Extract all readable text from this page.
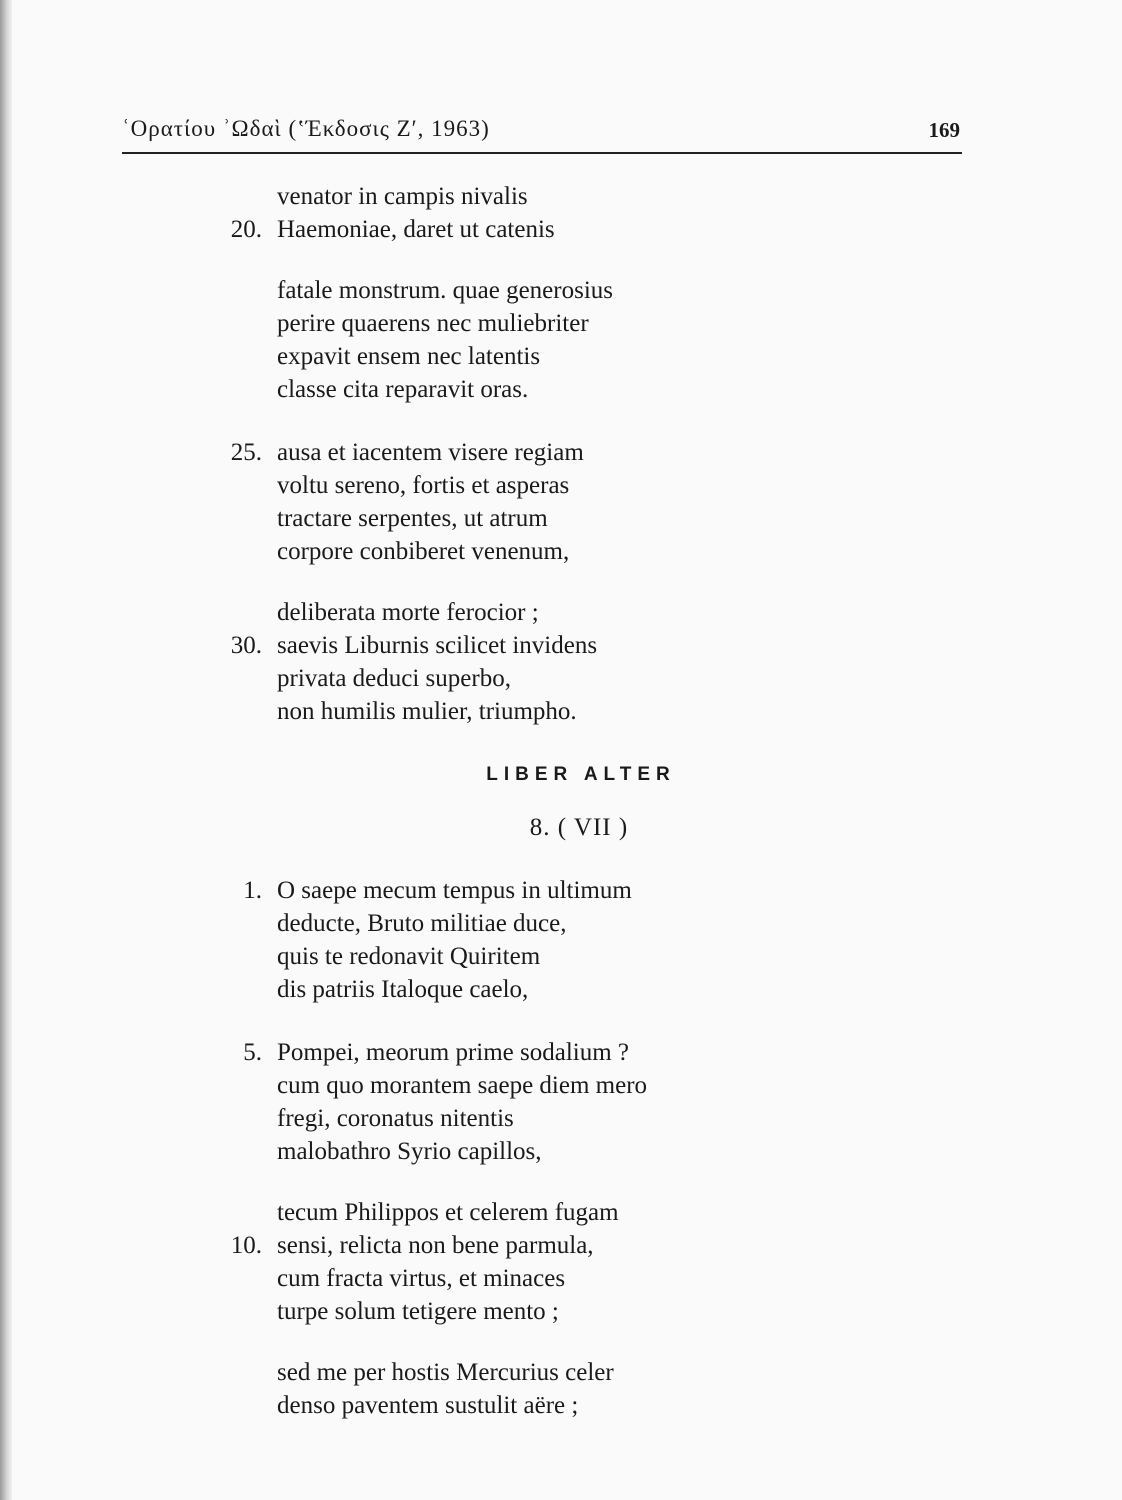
ʿΟρατίου ʾΩδαὶ (ʽΈκδοσις Ζʹ, 1963)	169
venator in campis nivalis
20. Haemoniae, daret ut catenis
fatale monstrum. quae generosius
perire quaerens nec muliebriter
expavit ensem nec latentis
classe cita reparavit oras.
25. ausa et iacentem visere regiam
voltu sereno, fortis et asperas
tractare serpentes, ut atrum
corpore conbiberet venenum,
deliberata morte ferocior ;
30. saevis Liburnis scilicet invidens
privata deduci superbo,
non humilis mulier, triumpho.
LIBER ALTER
8. ( VII )
1. O saepe mecum tempus in ultimum
deducte, Bruto militiae duce,
quis te redonavit Quiritem
dis patriis Italoque caelo,
5. Pompei, meorum prime sodalium ?
cum quo morantem saepe diem mero
fregi, coronatus nitentis
malobathro Syrio capillos,
tecum Philippos et celerem fugam
10. sensi, relicta non bene parmula,
cum fracta virtus, et minaces
turpe solum tetigere mento ;
sed me per hostis Mercurius celer
denso paventem sustulit aëre ;
